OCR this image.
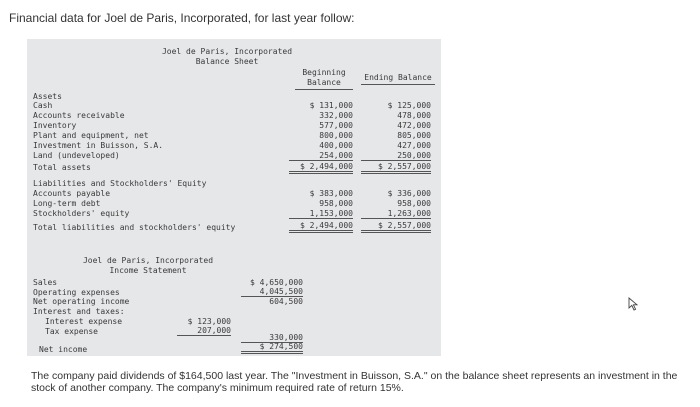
Financial data for Joel de Paris, Incorporated, for last year follow:
Joel de Paris, Incorporated
Balance Sheet
Beginning
Balance
Ending Balance
Assets
Cash	$ 131,000	$ 125,000
Accounts receivable	332,000	478,000
Inventory	577,000	472,000
Plant and equipment, net	800,000	805,000
Investment in Buisson, S.A.	400,000	427,000
Land (undeveloped)	254,000	250,000
Total assets	$ 2,494,000	$ 2,557,000
Liabilities and Stockholders' Equity
Accounts payable	$ 383,000	$ 336,000
Long-term debt	958,000	958,000
Stockholders' equity	1,153,000	1,263,000
Total liabilities and stockholders' equity	$ 2,494,000	$ 2,557,000
Joel de Paris, Incorporated
Income Statement
Sales	$ 4,650,000
Operating expenses	4,045,500
Net operating income	604,500
Interest and taxes:
Interest expense	$ 123,000
Tax expense	207,000
330,000
Net income	$ 274,500
The company paid dividends of $164,500 last year. The "Investment in Buisson, S.A." on the balance sheet represents an investment in the stock of another company. The company's minimum required rate of return 15%.
